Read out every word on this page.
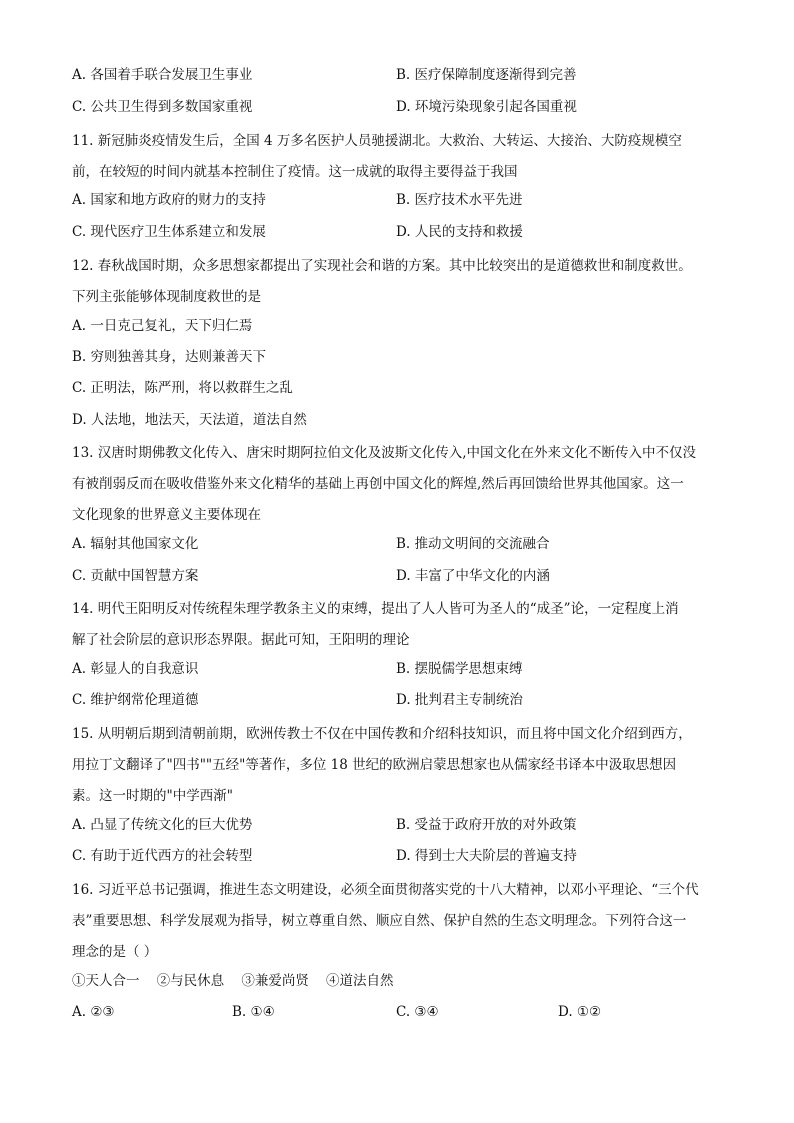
A. 各国着手联合发展卫生事业	B. 医疗保障制度逐渐得到完善
C. 公共卫生得到多数国家重视	D. 环境污染现象引起各国重视
11. 新冠肺炎疫情发生后，全国 4 万多名医护人员驰援湖北。大救治、大转运、大接治、大防疫规模空
前，在较短的时间内就基本控制住了疫情。这一成就的取得主要得益于我国
A. 国家和地方政府的财力的支持	B. 医疗技术水平先进
C. 现代医疗卫生体系建立和发展	D. 人民的支持和救援
12. 春秋战国时期，众多思想家都提出了实现社会和谐的方案。其中比较突出的是道德救世和制度救世。
下列主张能够体现制度救世的是
A. 一日克己复礼，天下归仁焉
B. 穷则独善其身，达则兼善天下
C. 正明法，陈严刑，将以救群生之乱
D. 人法地，地法天，天法道，道法自然
13. 汉唐时期佛教文化传入、唐宋时期阿拉伯文化及波斯文化传入,中国文化在外来文化不断传入中不仅没
有被削弱反而在吸收借鉴外来文化精华的基础上再创中国文化的辉煌,然后再回馈给世界其他国家。这一
文化现象的世界意义主要体现在
A. 辐射其他国家文化	B. 推动文明间的交流融合
C. 贡献中国智慧方案	D. 丰富了中华文化的内涵
14. 明代王阳明反对传统程朱理学教条主义的束缚，提出了人人皆可为圣人的“成圣”论，一定程度上消
解了社会阶层的意识形态界限。据此可知，王阳明的理论
A. 彰显人的自我意识	B. 摆脱儒学思想束缚
C. 维护纲常伦理道德	D. 批判君主专制统治
15. 从明朝后期到清朝前期，欧洲传教士不仅在中国传教和介绍科技知识，而且将中国文化介绍到西方，
用拉丁文翻译了"四书""五经"等著作，多位 18 世纪的欧洲启蒙思想家也从儒家经书译本中汲取思想因
素。这一时期的"中学西渐"
A. 凸显了传统文化的巨大优势	B. 受益于政府开放的对外政策
C. 有助于近代西方的社会转型	D. 得到士大夫阶层的普遍支持
16. 习近平总书记强调，推进生态文明建设，必须全面贯彻落实党的十八大精神，以邓小平理论、“三个代
表”重要思想、科学发展观为指导，树立尊重自然、顺应自然、保护自然的生态文明理念。下列符合这一
理念的是（ ）
①天人合一    ②与民休息    ③兼爱尚贤    ④道法自然
A. ②③	B. ①④	C. ③④	D. ①②
